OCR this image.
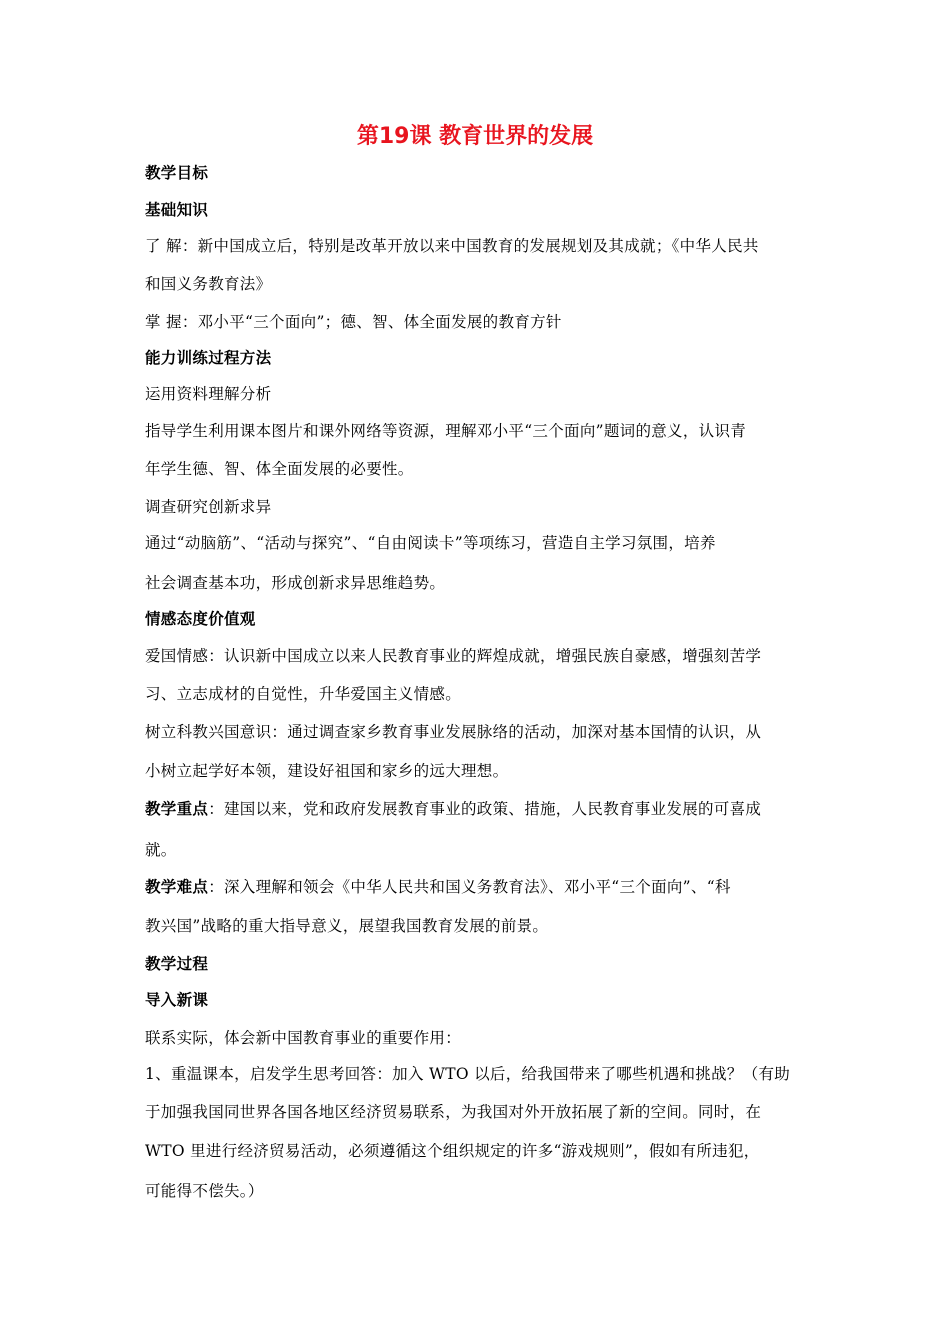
第19课 教育世界的发展
教学目标
基础知识
了 解：新中国成立后，特别是改革开放以来中国教育的发展规划及其成就；《中华人民共
和国义务教育法》
掌 握：邓小平“三个面向”；德、智、体全面发展的教育方针
能力训练过程方法
运用资料理解分析
指导学生利用课本图片和课外网络等资源，理解邓小平“三个面向”题词的意义，认识青
年学生德、智、体全面发展的必要性。
调查研究创新求异
通过“动脑筋”、“活动与探究”、“自由阅读卡”等项练习，营造自主学习氛围，培养
社会调查基本功，形成创新求异思维趋势。
情感态度价值观
爱国情感：认识新中国成立以来人民教育事业的辉煌成就，增强民族自豪感，增强刻苦学
习、立志成材的自觉性，升华爱国主义情感。
树立科教兴国意识：通过调查家乡教育事业发展脉络的活动，加深对基本国情的认识，从
小树立起学好本领，建设好祖国和家乡的远大理想。
教学重点：建国以来，党和政府发展教育事业的政策、措施，人民教育事业发展的可喜成
就。
教学难点：深入理解和领会《中华人民共和国义务教育法》、邓小平“三个面向”、“科
教兴国”战略的重大指导意义，展望我国教育发展的前景。
教学过程
导入新课
联系实际，体会新中国教育事业的重要作用：
1、重温课本，启发学生思考回答：加入 WTO 以后，给我国带来了哪些机遇和挑战？（有助
于加强我国同世界各国各地区经济贸易联系，为我国对外开放拓展了新的空间。同时，在
WTO 里进行经济贸易活动，必须遵循这个组织规定的许多“游戏规则”，假如有所违犯，
可能得不偿失。）
